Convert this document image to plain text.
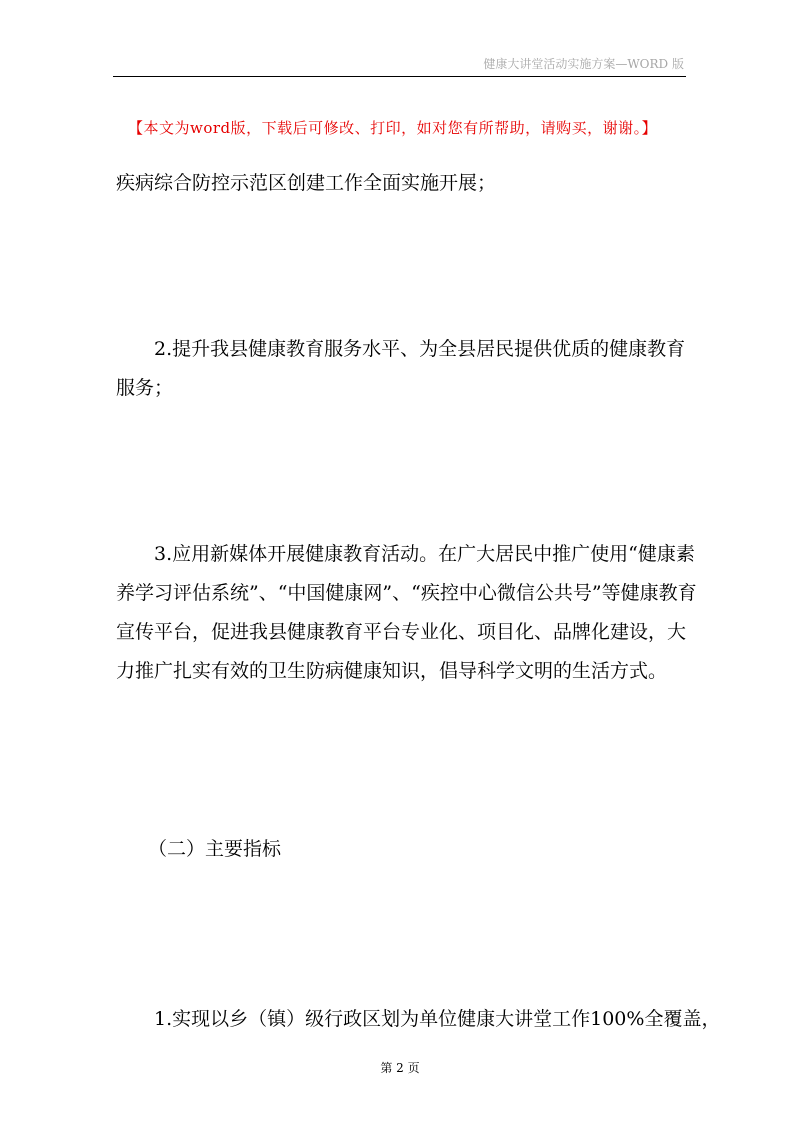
健康大讲堂活动实施方案—WORD 版
【本文为word版，下载后可修改、打印，如对您有所帮助，请购买，谢谢。】
疾病综合防控示范区创建工作全面实施开展；
2.提升我县健康教育服务水平、为全县居民提供优质的健康教育
服务；

3.应用新媒体开展健康教育活动。在广大居民中推广使用“健康素
养学习评估系统”、“中国健康网”、“疾控中心微信公共号”等健康教育
宣传平台，促进我县健康教育平台专业化、项目化、品牌化建设，大
力推广扎实有效的卫生防病健康知识，倡导科学文明的生活方式。
（二）主要指标
1.实现以乡（镇）级行政区划为单位健康大讲堂工作100%全覆盖，
第 2 页
